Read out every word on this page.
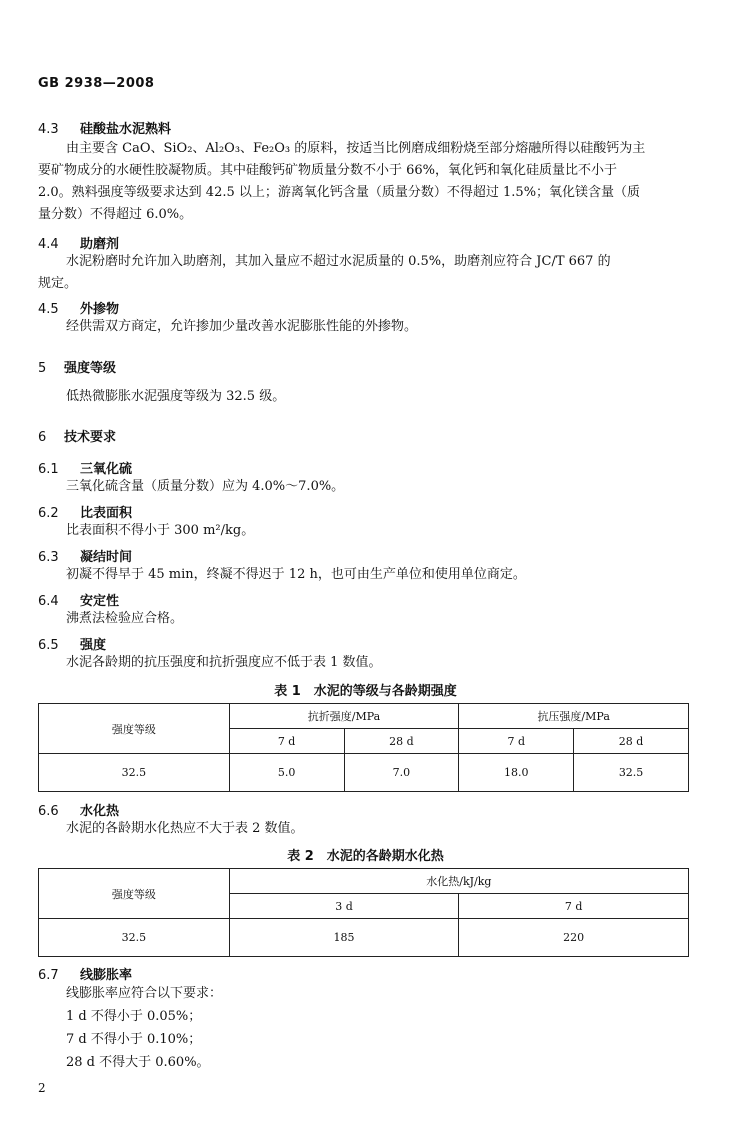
GB 2938—2008
4.3 硅酸盐水泥熟料
由主要含 CaO、SiO₂、Al₂O₃、Fe₂O₃ 的原料，按适当比例磨成细粉烧至部分熔融所得以硅酸钙为主
要矿物成分的水硬性胶凝物质。其中硅酸钙矿物质量分数不小于 66%，氧化钙和氧化硅质量比不小于
2.0。熟料强度等级要求达到 42.5 以上；游离氧化钙含量（质量分数）不得超过 1.5%；氧化镁含量（质
量分数）不得超过 6.0%。
4.4 助磨剂
水泥粉磨时允许加入助磨剂，其加入量应不超过水泥质量的 0.5%，助磨剂应符合 JC/T 667 的
规定。
4.5 外掺物
经供需双方商定，允许掺加少量改善水泥膨胀性能的外掺物。
5 强度等级
低热微膨胀水泥强度等级为 32.5 级。
6 技术要求
6.1 三氧化硫
三氧化硫含量（质量分数）应为 4.0%～7.0%。
6.2 比表面积
比表面积不得小于 300 m²/kg。
6.3 凝结时间
初凝不得早于 45 min，终凝不得迟于 12 h，也可由生产单位和使用单位商定。
6.4 安定性
沸煮法检验应合格。
6.5 强度
水泥各龄期的抗压强度和抗折强度应不低于表 1 数值。
表 1　水泥的等级与各龄期强度
强度等级	抗折强度/MPa		抗压强度/MPa	
	7 d	28 d	7 d	28 d
32.5	5.0	7.0	18.0	32.5
6.6 水化热
水泥的各龄期水化热应不大于表 2 数值。
表 2　水泥的各龄期水化热
强度等级	水化热/kJ/kg	
	3 d	7 d
32.5	185	220
6.7 线膨胀率
线膨胀率应符合以下要求：
1 d 不得小于 0.05%；
7 d 不得小于 0.10%；
28 d 不得大于 0.60%。
2
